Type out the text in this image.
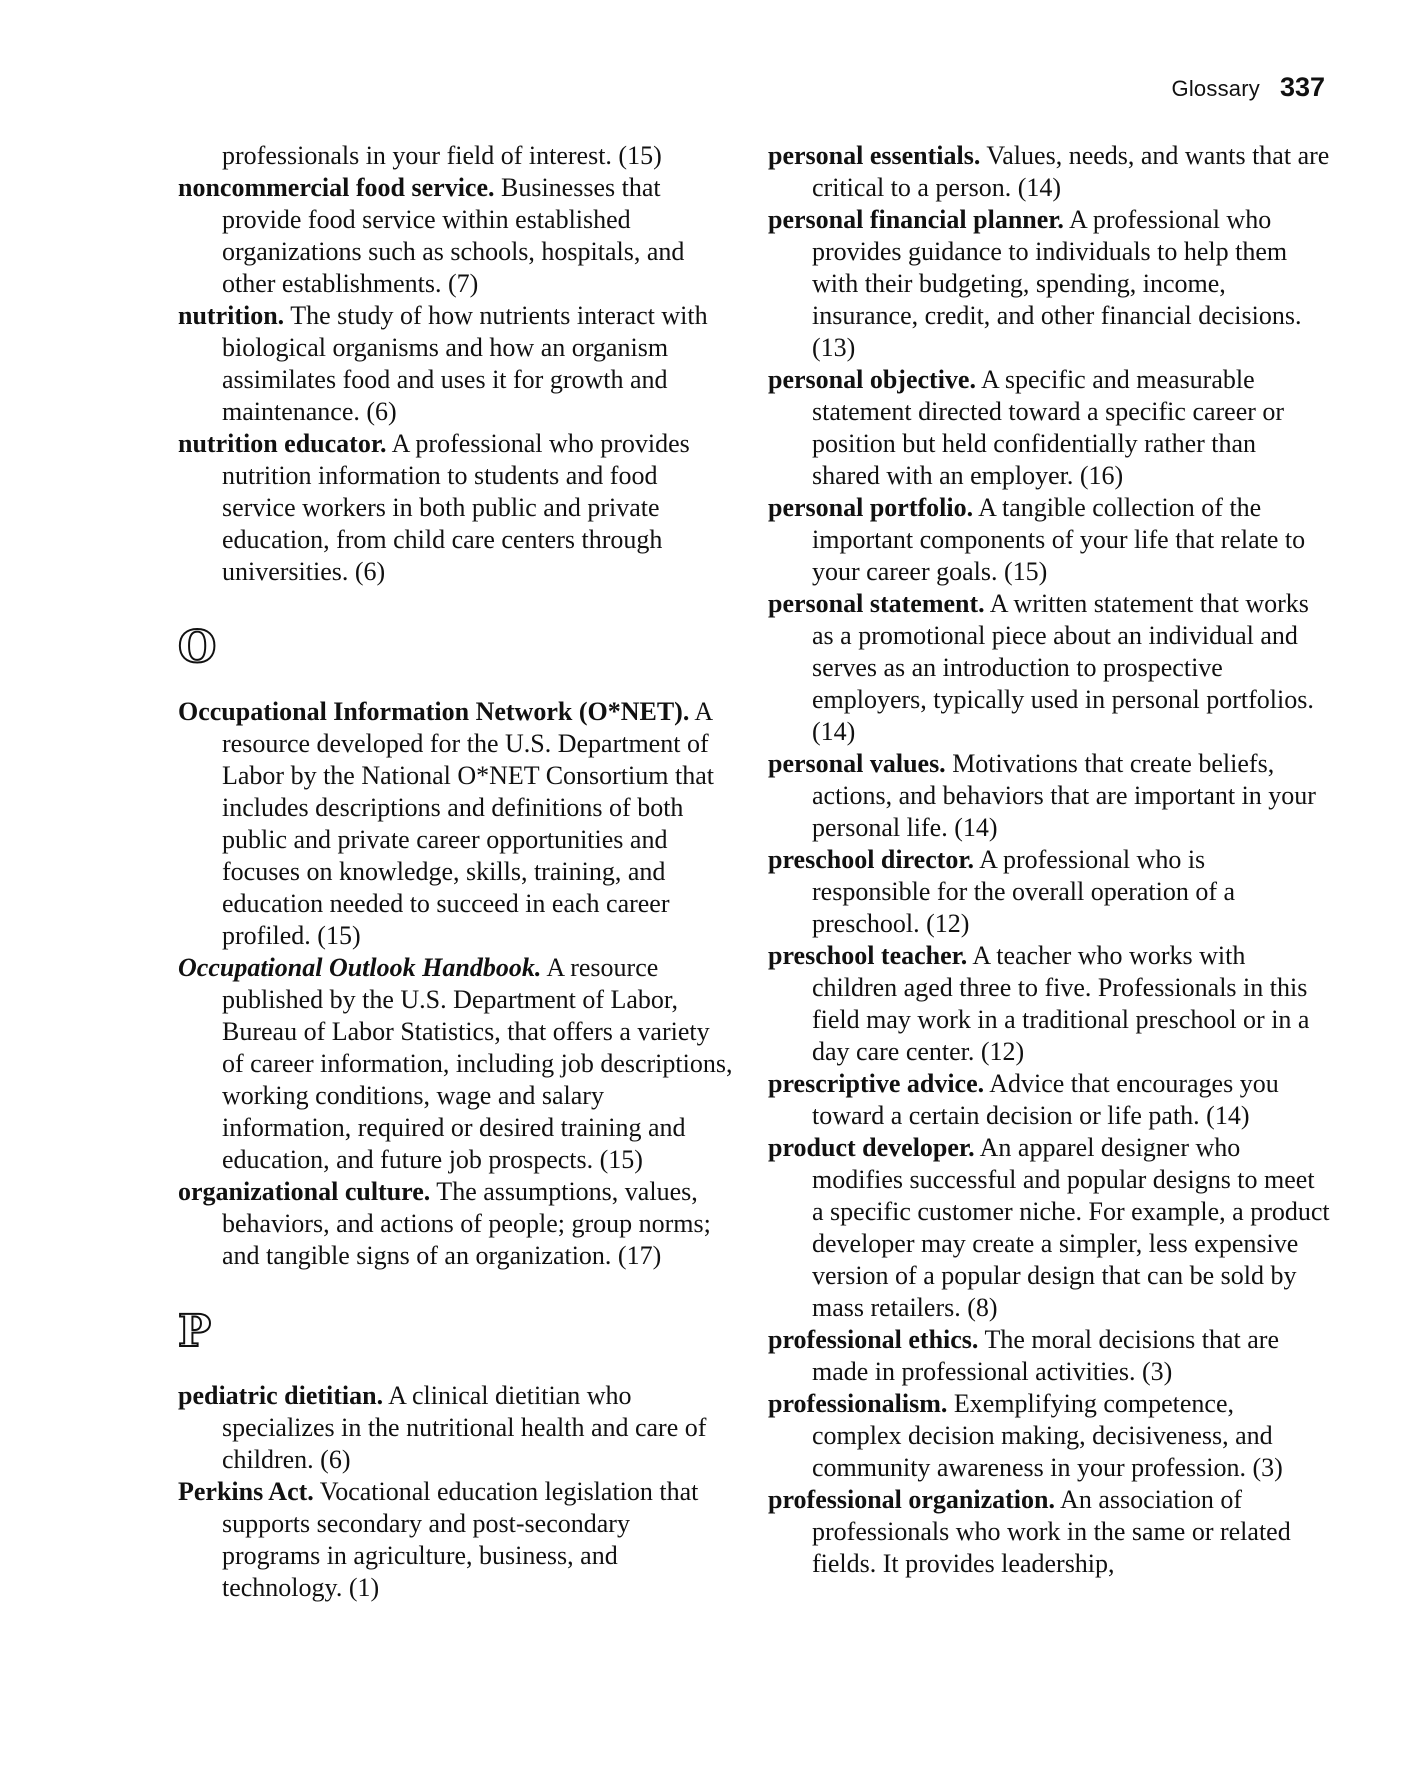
Glossary 337

professionals in your field of interest. (15)

noncommercial food service. Businesses that provide food service within established organizations such as schools, hospitals, and other establishments. (7)

nutrition. The study of how nutrients interact with biological organisms and how an organism assimilates food and uses it for growth and maintenance. (6)

nutrition educator. A professional who provides nutrition information to students and food service workers in both public and private education, from child care centers through universities. (6)

O

Occupational Information Network (O*NET). A resource developed for the U.S. Department of Labor by the National O*NET Consortium that includes descriptions and definitions of both public and private career opportunities and focuses on knowledge, skills, training, and education needed to succeed in each career profiled. (15)

Occupational Outlook Handbook. A resource published by the U.S. Department of Labor, Bureau of Labor Statistics, that offers a variety of career information, including job descriptions, working conditions, wage and salary information, required or desired training and education, and future job prospects. (15)

organizational culture. The assumptions, values, behaviors, and actions of people; group norms; and tangible signs of an organization. (17)

P

pediatric dietitian. A clinical dietitian who specializes in the nutritional health and care of children. (6)

Perkins Act. Vocational education legislation that supports secondary and post-secondary programs in agriculture, business, and technology. (1)

personal essentials. Values, needs, and wants that are critical to a person. (14)

personal financial planner. A professional who provides guidance to individuals to help them with their budgeting, spending, income, insurance, credit, and other financial decisions. (13)

personal objective. A specific and measurable statement directed toward a specific career or position but held confidentially rather than shared with an employer. (16)

personal portfolio. A tangible collection of the important components of your life that relate to your career goals. (15)

personal statement. A written statement that works as a promotional piece about an individual and serves as an introduction to prospective employers, typically used in personal portfolios. (14)

personal values. Motivations that create beliefs, actions, and behaviors that are important in your personal life. (14)

preschool director. A professional who is responsible for the overall operation of a preschool. (12)

preschool teacher. A teacher who works with children aged three to five. Professionals in this field may work in a traditional preschool or in a day care center. (12)

prescriptive advice. Advice that encourages you toward a certain decision or life path. (14)

product developer. An apparel designer who modifies successful and popular designs to meet a specific customer niche. For example, a product developer may create a simpler, less expensive version of a popular design that can be sold by mass retailers. (8)

professional ethics. The moral decisions that are made in professional activities. (3)

professionalism. Exemplifying competence, complex decision making, decisiveness, and community awareness in your profession. (3)

professional organization. An association of professionals who work in the same or related fields. It provides leadership,
